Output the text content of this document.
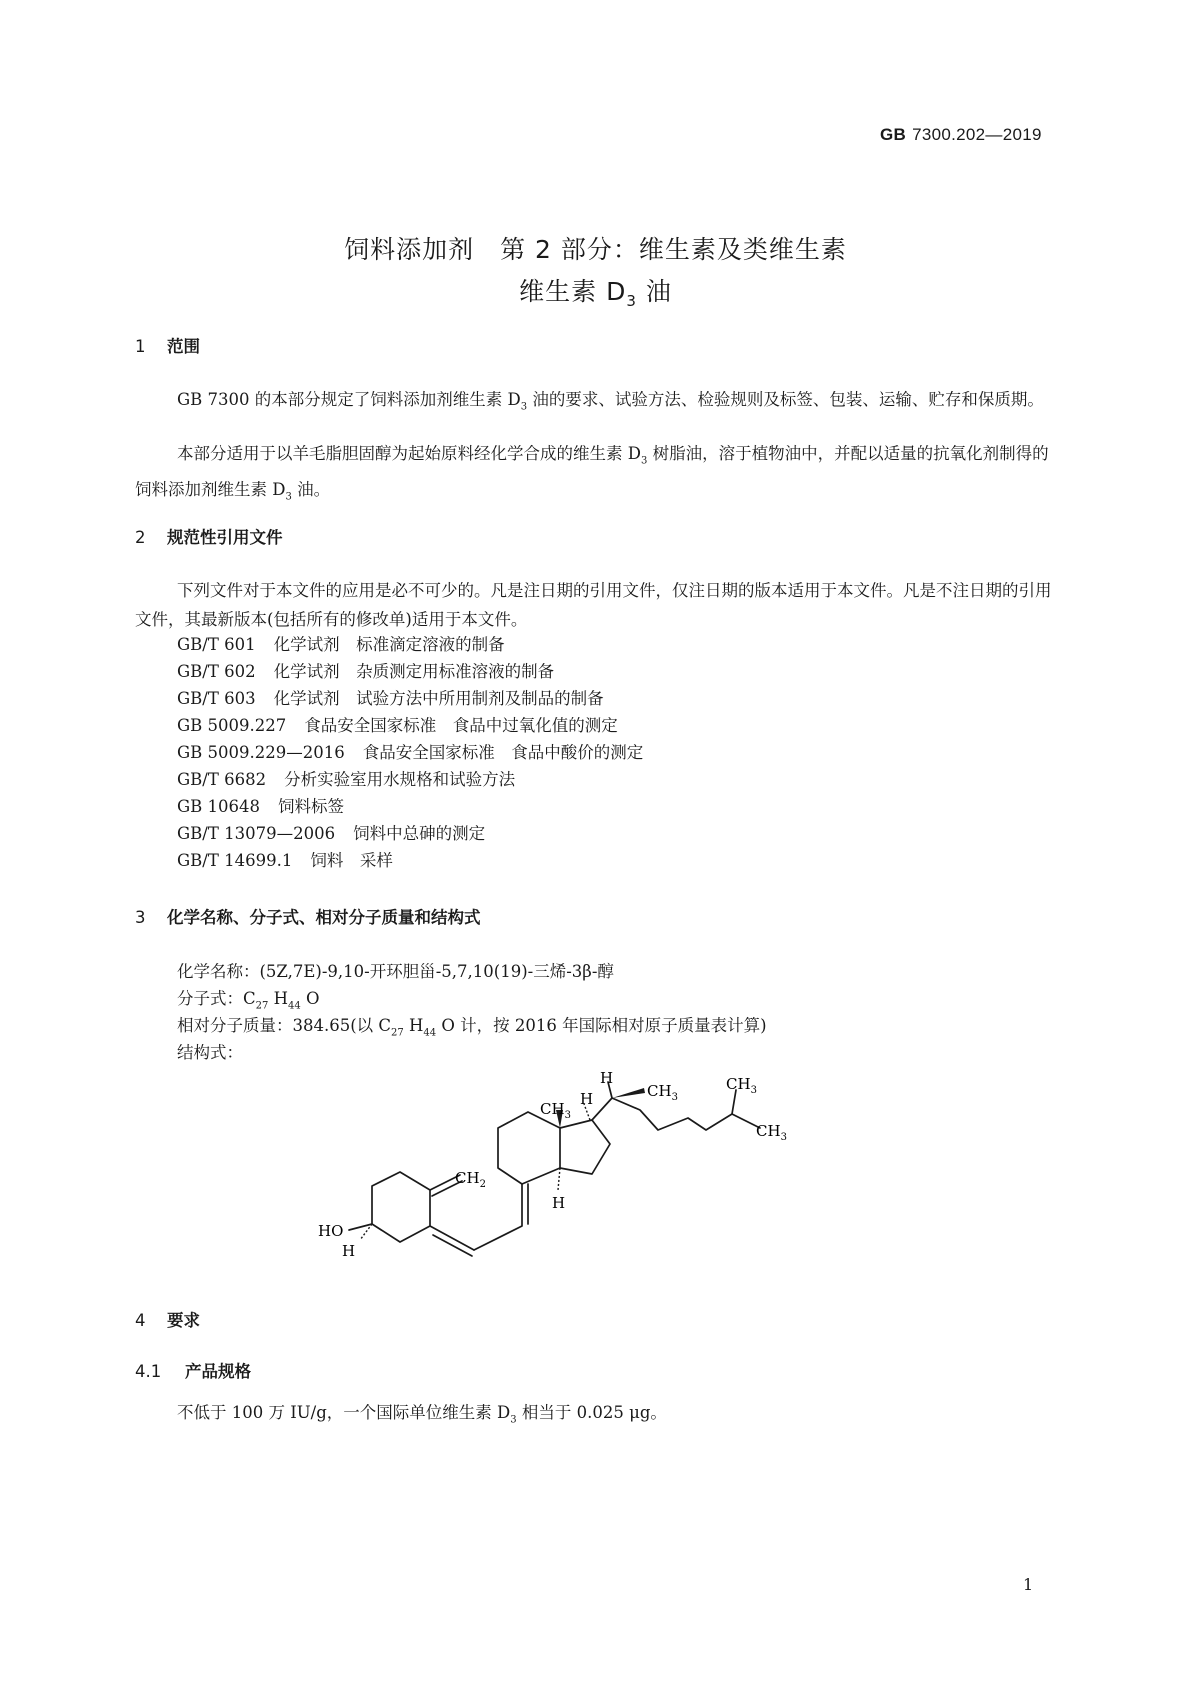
GB 7300.202—2019
饲料添加剂　第 2 部分：维生素及类维生素
维生素 $D_3$ 油
1 范围
GB 7300 的本部分规定了饲料添加剂维生素 $D_3$ 油的要求、试验方法、检验规则及标签、包装、运输、贮存和保质期。
本部分适用于以羊毛脂胆固醇为起始原料经化学合成的维生素 $D_3$ 树脂油，溶于植物油中，并配以适量的抗氧化剂制得的饲料添加剂维生素 $D_3$ 油。
2 规范性引用文件
下列文件对于本文件的应用是必不可少的。凡是注日期的引用文件，仅注日期的版本适用于本文件。凡是不注日期的引用文件，其最新版本(包括所有的修改单)适用于本文件。
GB/T 601 化学试剂　标准滴定溶液的制备
GB/T 602 化学试剂　杂质测定用标准溶液的制备
GB/T 603 化学试剂　试验方法中所用制剂及制品的制备
GB 5009.227 食品安全国家标准　食品中过氧化值的测定
GB 5009.229—2016 食品安全国家标准　食品中酸价的测定
GB/T 6682 分析实验室用水规格和试验方法
GB 10648 饲料标签
GB/T 13079—2006 饲料中总砷的测定
GB/T 14699.1 饲料　采样
3 化学名称、分子式、相对分子质量和结构式
化学名称：(5Z,7E)-9,10-开环胆甾-5,7,10(19)-三烯-3β-醇
分子式：$C_{27}$ $H_{44}$ O
相对分子质量：384.65(以 $C_{27}$ $H_{44}$ O 计，按 2016 年国际相对原子质量表计算)
结构式：
$CH_3$
$CH_3$
$CH_3$
$CH_3$
$CH_2$
H
H
H
H
HO
4 要求
4.1 产品规格
不低于 100 万 IU/g，一个国际单位维生素 $D_3$ 相当于 0.025 μg。
1
